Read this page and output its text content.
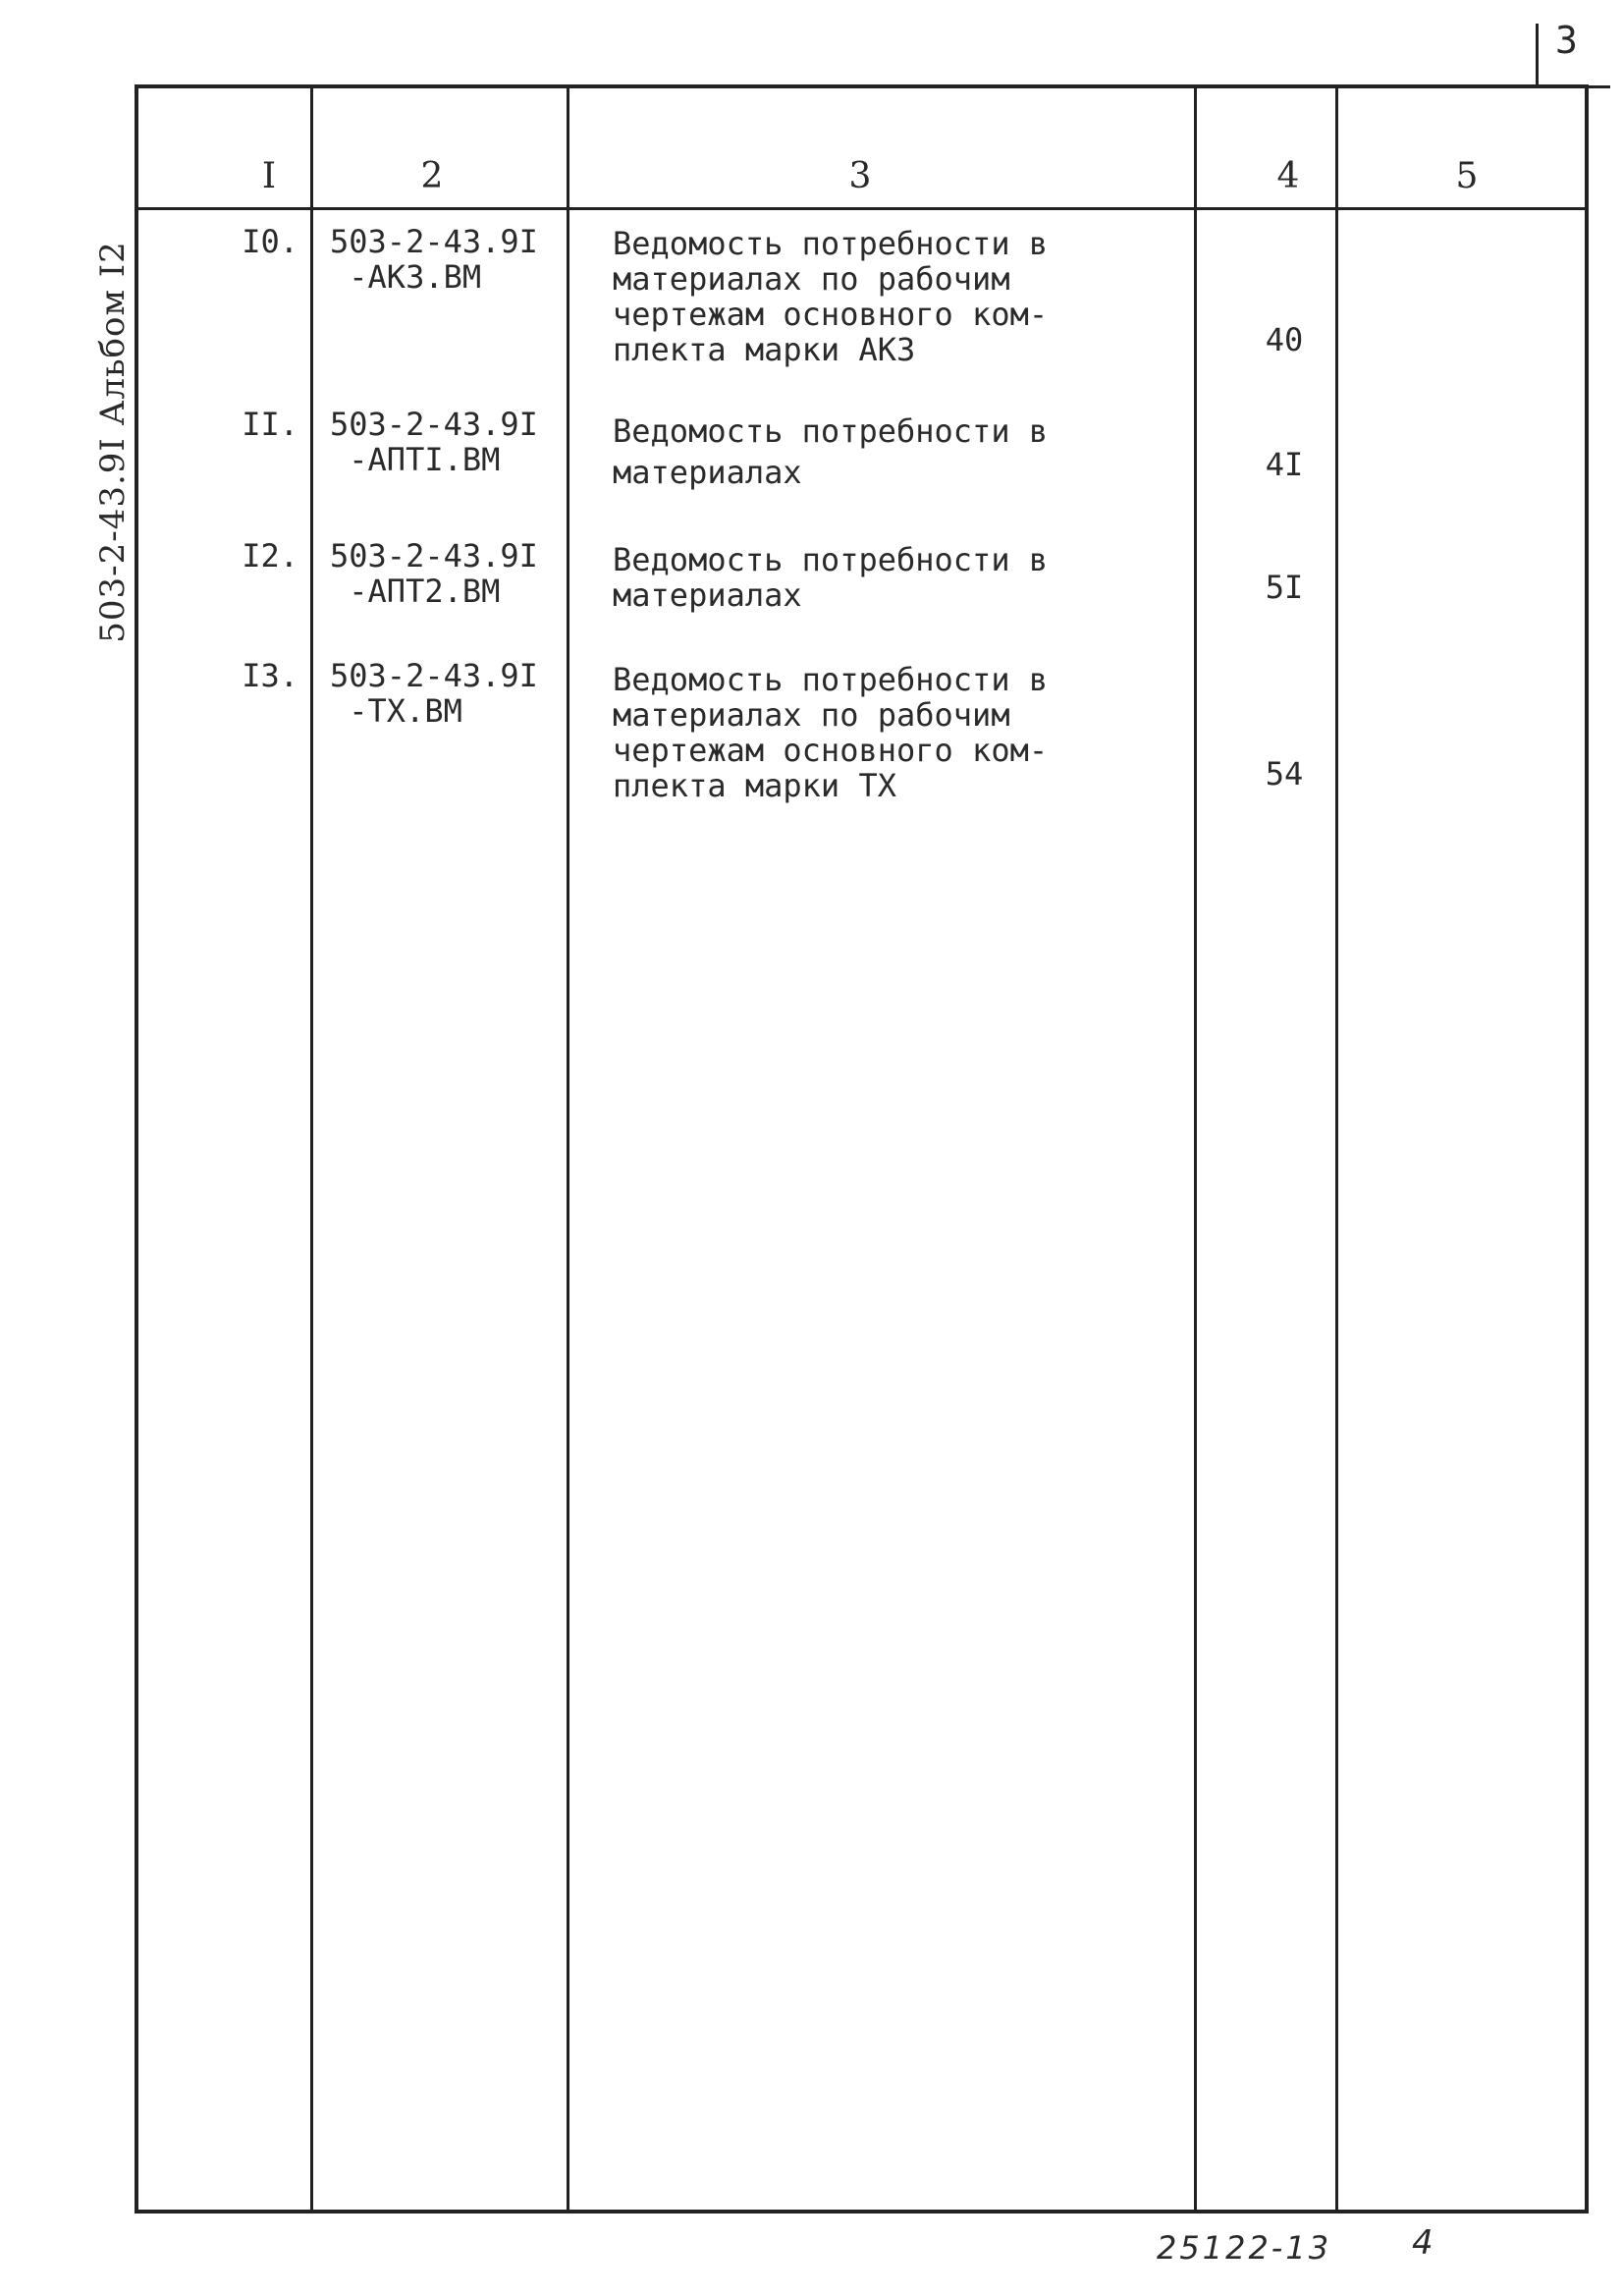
3
503-2-43.9I Альбом I2
I	2	3	4	5
I0. 503-2-43.9I
-АКЗ.ВМ
Ведомость потребности в
материалах по рабочим
чертежам основного ком-
плекта марки АКЗ	40
II. 503-2-43.9I
-АПТI.ВМ
Ведомость потребности в
материалах	4I
I2. 503-2-43.9I
-АПТ2.ВМ
Ведомость потребности в
материалах	5I
I3. 503-2-43.9I
-ТХ.ВМ
Ведомость потребности в
материалах по рабочим
чертежам основного ком-
плекта марки ТХ	54
25122-13 4
